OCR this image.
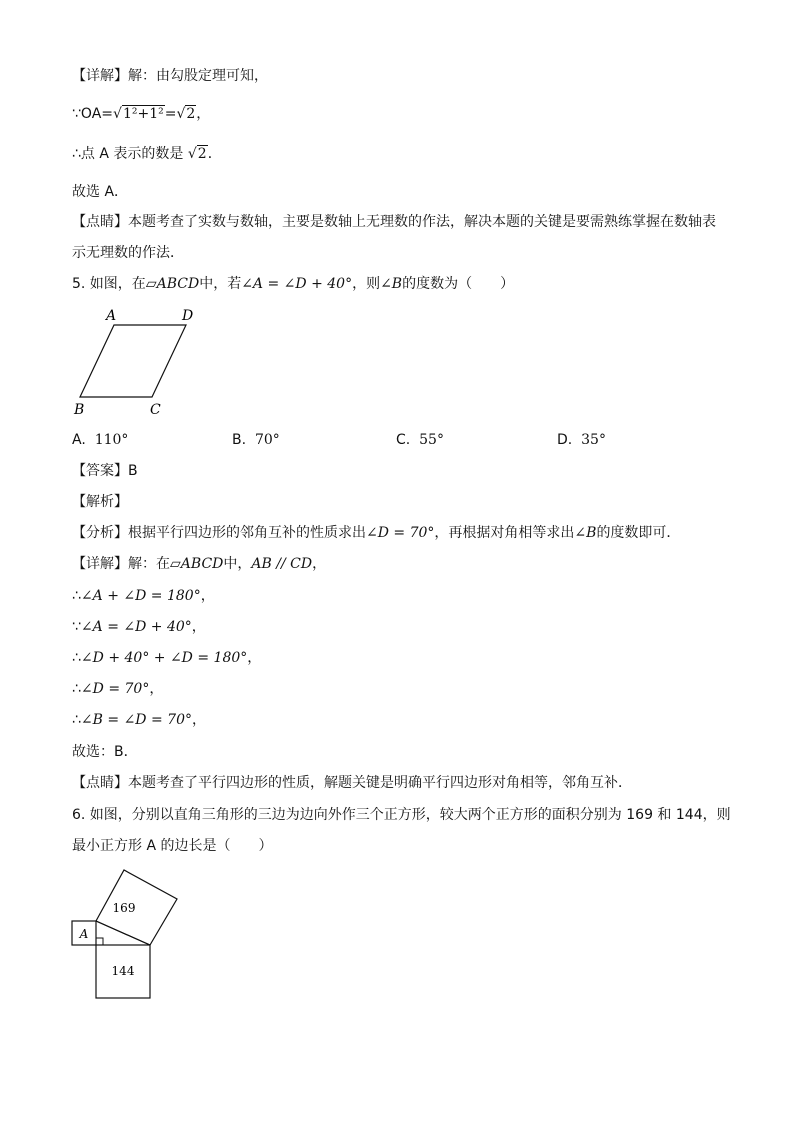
【详解】解：由勾股定理可知，
∵OA=√1²+1²=√2，
∴点 A 表示的数是 √2．
故选 A．
【点睛】本题考查了实数与数轴，主要是数轴上无理数的作法，解决本题的关键是要需熟练掌握在数轴表
示无理数的作法．
5. 如图，在▱ABCD中，若∠A = ∠D + 40°，则∠B的度数为（　　）
A	D
B	C
A. 110°	B. 70°	C. 55°	D. 35°
【答案】B
【解析】
【分析】根据平行四边形的邻角互补的性质求出∠D = 70°，再根据对角相等求出∠B的度数即可．
【详解】解：在▱ABCD中，AB // CD，
∴∠A + ∠D = 180°，
∵∠A = ∠D + 40°，
∴∠D + 40° + ∠D = 180°，
∴∠D = 70°，
∴∠B = ∠D = 70°，
故选：B．
【点睛】本题考查了平行四边形的性质，解题关键是明确平行四边形对角相等，邻角互补．
6. 如图，分别以直角三角形的三边为边向外作三个正方形，较大两个正方形的面积分别为 169 和 144，则
最小正方形 A 的边长是（　　）
169
144
A
